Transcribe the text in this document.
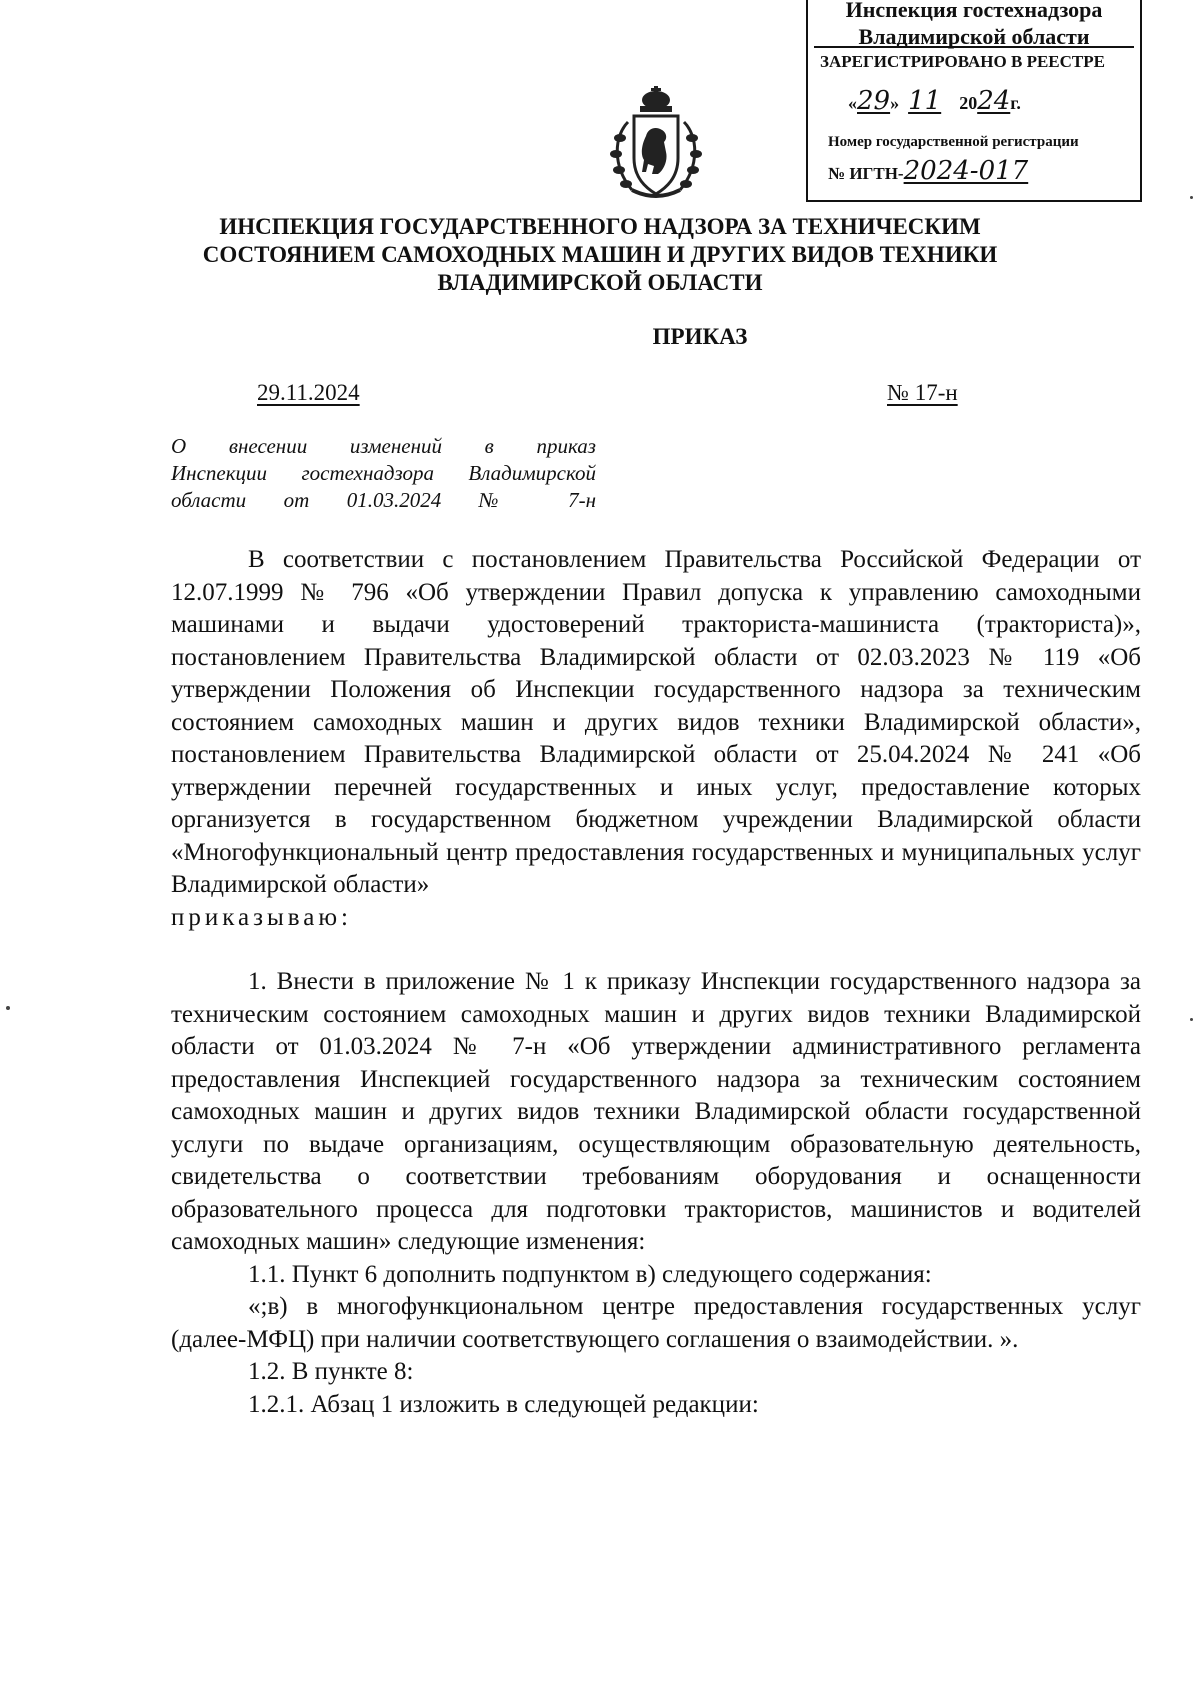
Инспекция гостехнадзора
Владимирской области
ЗАРЕГИСТРИРОВАНО В РЕЕСТРЕ
«29»  11 2024г.
Номер государственной регистрации
№ ИГТН-2024-017
ИНСПЕКЦИЯ ГОСУДАРСТВЕННОГО НАДЗОРА ЗА ТЕХНИЧЕСКИМ
СОСТОЯНИЕМ САМОХОДНЫХ МАШИН И ДРУГИХ ВИДОВ ТЕХНИКИ
ВЛАДИМИРСКОЙ ОБЛАСТИ
ПРИКАЗ
29.11.2024	№ 17-н
О внесении изменений в приказ
Инспекции гостехнадзора Владимирской
области от 01.03.2024 № 7-н

В соответствии с постановлением Правительства Российской Федерации от 12.07.1999 № 796 «Об утверждении Правил допуска к управлению самоходными машинами и выдачи удостоверений тракториста-машиниста (тракториста)», постановлением Правительства Владимирской области от 02.03.2023 № 119 «Об утверждении Положения об Инспекции государственного надзора за техническим состоянием самоходных машин и других видов техники Владимирской области», постановлением Правительства Владимирской области от 25.04.2024 № 241 «Об утверждении перечней государственных и иных услуг, предоставление которых организуется в государственном бюджетном учреждении Владимирской области «Многофункциональный центр предоставления государственных и муниципальных услуг Владимирской области»
приказываю:

1. Внести в приложение № 1 к приказу Инспекции государственного надзора за техническим состоянием самоходных машин и других видов техники Владимирской области от 01.03.2024 № 7-н «Об утверждении административного регламента предоставления Инспекцией государственного надзора за техническим состоянием самоходных машин и других видов техники Владимирской области государственной услуги по выдаче организациям, осуществляющим образовательную деятельность, свидетельства о соответствии требованиям оборудования и оснащенности образовательного процесса для подготовки трактористов, машинистов и водителей самоходных машин» следующие изменения:

1.1. Пункт 6 дополнить подпунктом в) следующего содержания:

«;в) в многофункциональном центре предоставления государственных услуг (далее-МФЦ) при наличии соответствующего соглашения о взаимодействии. ».

1.2. В пункте 8:

1.2.1. Абзац 1 изложить в следующей редакции:
